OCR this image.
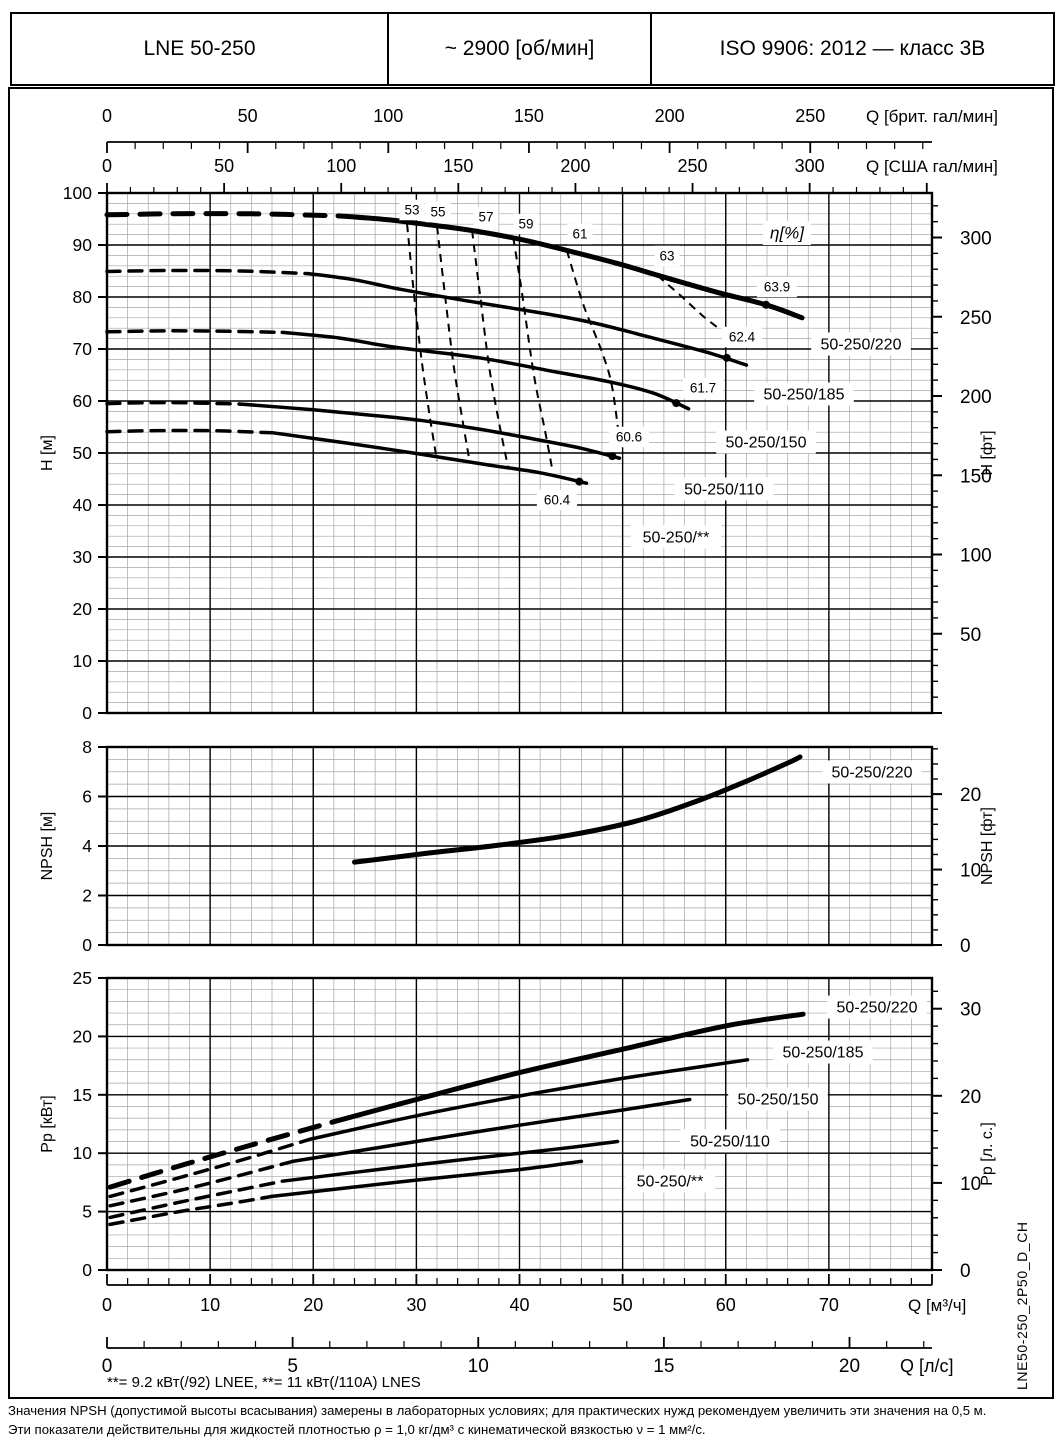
LNE 50-250	~ 2900 [об/мин]	ISO 9906: 2012 — класс 3В
0
10
20
30
40
50
60
70
80
90
100
H [м]
50
100
150
200
250
300
H [фт]
50-250/220
63.9
50-250/185
62.4
50-250/150
61.7
50-250/110
60.6
50-250/**
60.4
53 55 57 59
61
63
η[%]
0
2
4
6
8
NPSH [м]
0
10
20
NPSH [фт]
50-250/220
0
5
10
15
20
25
Pp [кВт]
0
10
20
30
Pp [л. с.]
50-250/220
50-250/185
50-250/150
50-250/110
50-250/**
0	50	100	150	200	250 Q [брит. гал/мин]
0	50	100	150	200	250	300 Q [США гал/мин]
0	10	20	30	40	50	60	70	Q [м³/ч]
0	5	10	15	20 Q [л/с]
**= 9.2 кВт(/92) LNEE, **= 11 кВт(/110A) LNES
Значения NPSH (допустимой высоты всасывания) замерены в лабораторных условиях; для практических нужд рекомендуем увеличить эти значения на 0,5 м.
Эти показатели действительны для жидкостей плотностью ρ = 1,0 кг/дм³ с кинематической вязкостью ν = 1 мм²/с.
LNE50-250_2P50_D_CH
